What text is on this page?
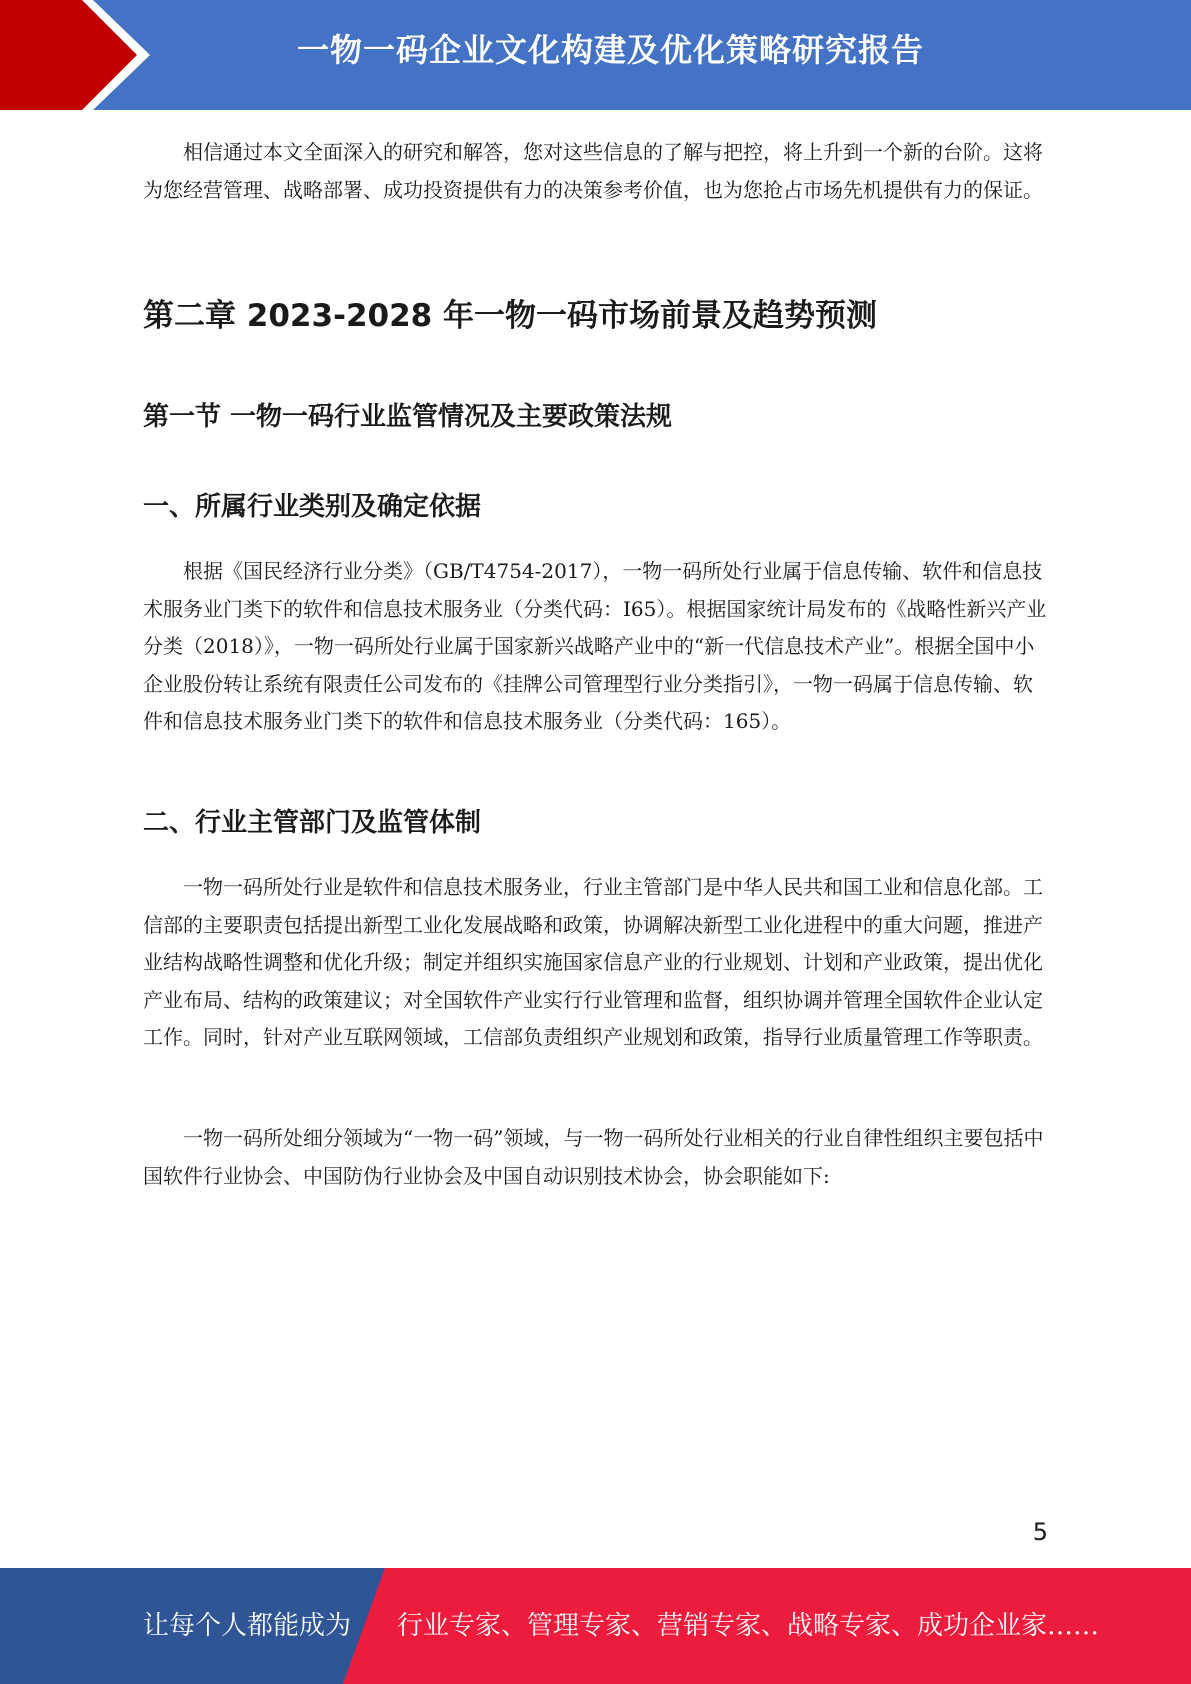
一物一码企业文化构建及优化策略研究报告

相信通过本文全面深入的研究和解答，您对这些信息的了解与把控，将上升到一个新的台阶。这将为您经营管理、战略部署、成功投资提供有力的决策参考价值，也为您抢占市场先机提供有力的保证。

第二章 2023-2028 年一物一码市场前景及趋势预测
第一节 一物一码行业监管情况及主要政策法规
一、所属行业类别及确定依据

根据《国民经济行业分类》（GB/T4754-2017），一物一码所处行业属于信息传输、软件和信息技术服务业门类下的软件和信息技术服务业（分类代码：I65）。根据国家统计局发布的《战略性新兴产业分类（2018）》，一物一码所处行业属于国家新兴战略产业中的“新一代信息技术产业”。根据全国中小企业股份转让系统有限责任公司发布的《挂牌公司管理型行业分类指引》，一物一码属于信息传输、软件和信息技术服务业门类下的软件和信息技术服务业（分类代码：165）。

二、行业主管部门及监管体制

一物一码所处行业是软件和信息技术服务业，行业主管部门是中华人民共和国工业和信息化部。工信部的主要职责包括提出新型工业化发展战略和政策，协调解决新型工业化进程中的重大问题，推进产业结构战略性调整和优化升级；制定并组织实施国家信息产业的行业规划、计划和产业政策，提出优化产业布局、结构的政策建议；对全国软件产业实行行业管理和监督，组织协调并管理全国软件企业认定工作。同时，针对产业互联网领域，工信部负责组织产业规划和政策，指导行业质量管理工作等职责。

一物一码所处细分领域为“一物一码”领域，与一物一码所处行业相关的行业自律性组织主要包括中国软件行业协会、中国防伪行业协会及中国自动识别技术协会，协会职能如下:

5
让每个人都能成为 行业专家、管理专家、营销专家、战略专家、成功企业家……
